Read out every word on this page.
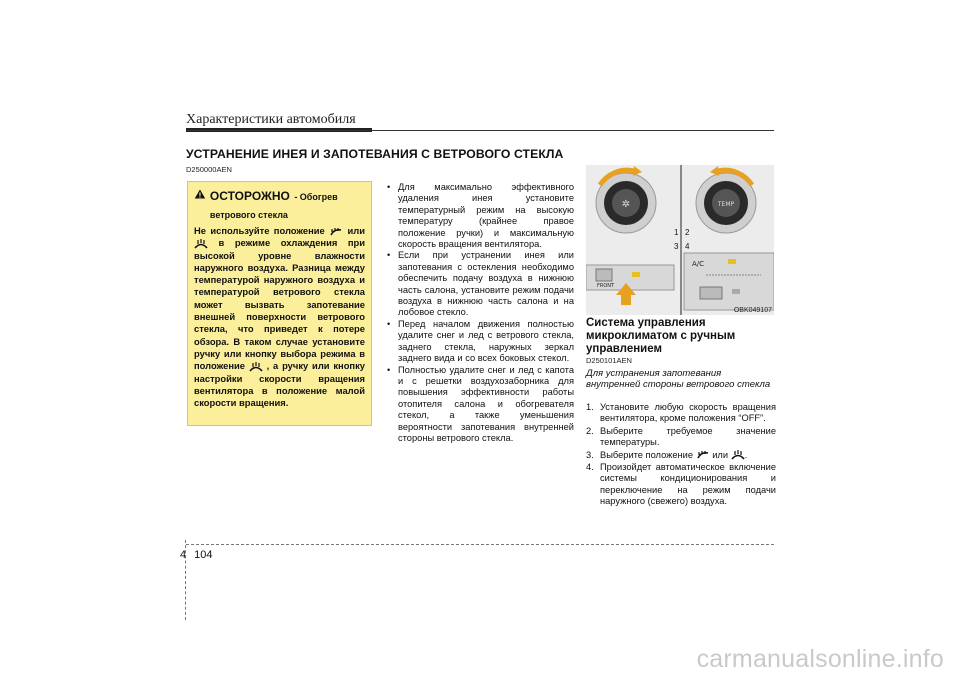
Характеристики автомобиля
УСТРАНЕНИЕ ИНЕЯ И ЗАПОТЕВАНИЯ С ВЕТРОВОГО СТЕКЛА
D250000AEN
ОСТОРОЖНО - Обогрев ветрового стекла
Не используйте положение или  в режиме охлаждения при высокой уровне влажности наружного воздуха. Разница между температурой наружного воздуха и температурой ветрового стекла может вызвать запотевание внешней поверхности ветрового стекла, что приведет к потере обзора. В таком случае установите ручку или кнопку выбора режима в положение , а ручку или кнопку настройки скорости вращения вентилятора в положение малой скорости вращения.
• Для максимально эффективного удаления инея установите температурный режим на высокую температуру (крайнее правое положение ручки) и максимальную скорость вращения вентилятора.
• Если при устранении инея или запотевания с остекления необходимо обеспечить подачу воздуха в нижнюю часть салона, установите режим подачи воздуха в нижнюю часть салона и на лобовое стекло.
• Перед началом движения полностью удалите снег и лед с ветрового стекла, заднего стекла, наружных зеркал заднего вида и со всех боковых стекол.
• Полностью удалите снег и лед с капота и с решетки воздухозаборника для повышения эффективности работы отопителя салона и обогревателя стекол, а также уменьшения вероятности запотевания внутренней стороны ветрового стекла.
✲	TEMP
FRONT
A/C
1 2
3 4
OBK049107
Система управления микроклиматом с ручным управлением
D250101AEN
Для устранения запотевания внутренней стороны ветрового стекла
1. Установите любую скорость вращения вентилятора, кроме положения “OFF”.
2. Выберите требуемое значение температуры.
3. Выберите положение или .
4. Произойдет автоматическое включение системы кондиционирования и переключение на режим подачи наружного (свежего) воздуха.
4 104
carmanualsonline.info
